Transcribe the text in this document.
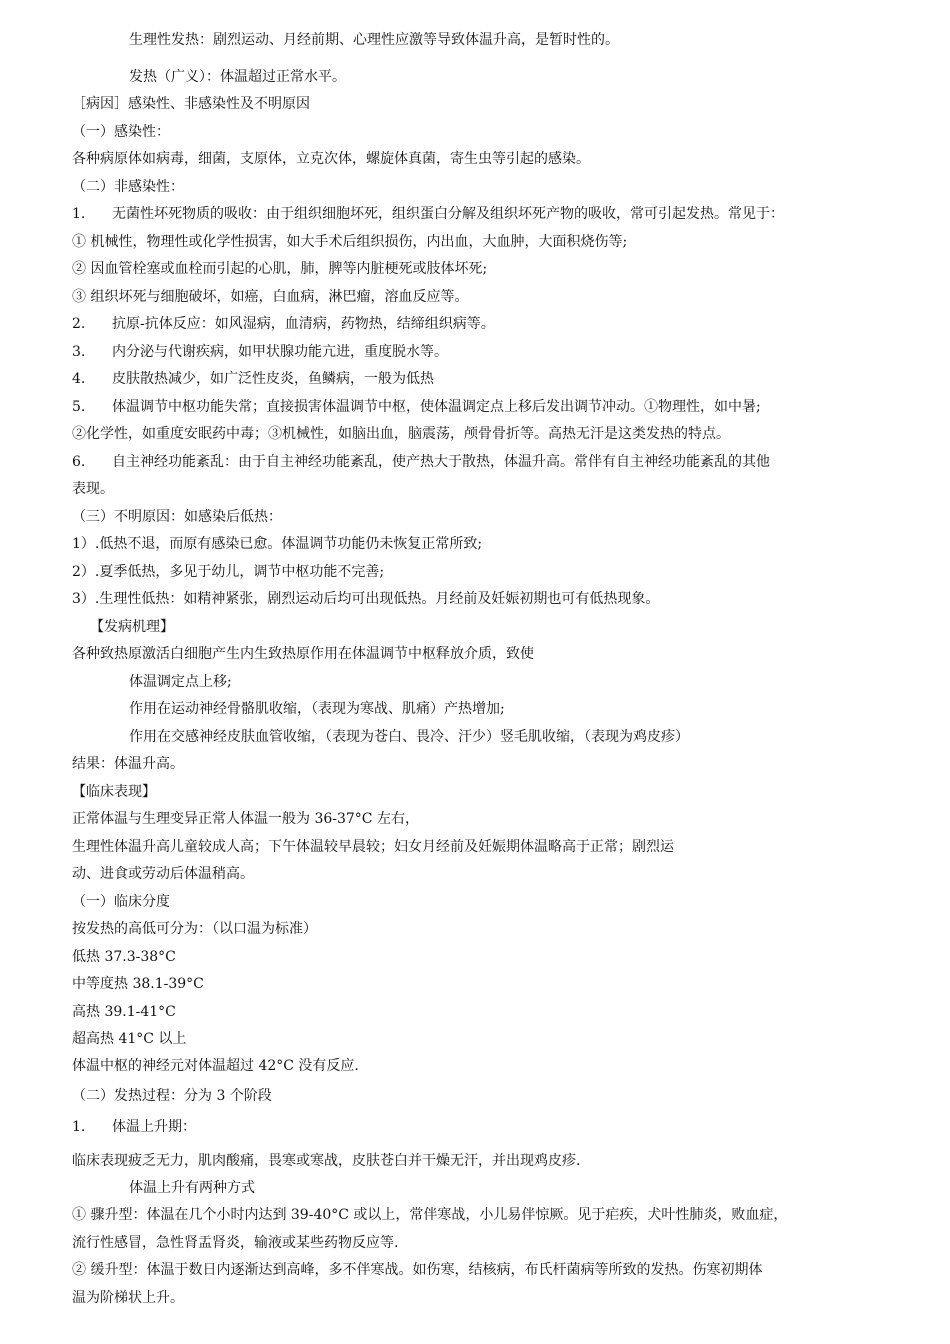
生理性发热：剧烈运动、月经前期、心理性应激等导致体温升高，是暂时性的。
发热（广义）：体温超过正常水平。
［病因］感染性、非感染性及不明原因
（一）感染性：
各种病原体如病毒，细菌，支原体，立克次体，螺旋体真菌，寄生虫等引起的感染。
（二）非感染性：
1. 无菌性坏死物质的吸收：由于组织细胞坏死，组织蛋白分解及组织坏死产物的吸收，常可引起发热。常见于：
① 机械性，物理性或化学性损害，如大手术后组织损伤，内出血，大血肿，大面积烧伤等;
② 因血管栓塞或血栓而引起的心肌，肺，脾等内脏梗死或肢体坏死;
③ 组织坏死与细胞破坏，如癌，白血病，淋巴瘤，溶血反应等。
2. 抗原-抗体反应：如风湿病，血清病，药物热，结缔组织病等。
3. 内分泌与代谢疾病，如甲状腺功能亢进，重度脱水等。
4. 皮肤散热减少，如广泛性皮炎，鱼鳞病，一般为低热
5. 体温调节中枢功能失常；直接损害体温调节中枢，使体温调定点上移后发出调节冲动。①物理性，如中暑;
②化学性，如重度安眠药中毒；③机械性，如脑出血，脑震荡，颅骨骨折等。高热无汗是这类发热的特点。
6. 自主神经功能紊乱：由于自主神经功能紊乱，使产热大于散热，体温升高。常伴有自主神经功能紊乱的其他
表现。
（三）不明原因：如感染后低热：
1）.低热不退，而原有感染已愈。体温调节功能仍未恢复正常所致;
2）.夏季低热，多见于幼儿，调节中枢功能不完善;
3）.生理性低热：如精神紧张，剧烈运动后均可出现低热。月经前及妊娠初期也可有低热现象。
【发病机理】
各种致热原激活白细胞产生内生致热原作用在体温调节中枢释放介质，致使
体温调定点上移;
作用在运动神经骨骼肌收缩，（表现为寒战、肌痛）产热增加;
作用在交感神经皮肤血管收缩，（表现为苍白、畏冷、汗少）竖毛肌收缩，（表现为鸡皮疹）
结果：体温升高。
【临床表现】
正常体温与生理变异正常人体温一般为 36-37°C 左右，
生理性体温升高儿童较成人高；下午体温较早晨较；妇女月经前及妊娠期体温略高于正常；剧烈运
动、进食或劳动后体温稍高。
（一）临床分度
按发热的高低可分为：（以口温为标准）
低热 37.3-38°C
中等度热 38.1-39°C
高热 39.1-41°C
超高热 41°C 以上
体温中枢的神经元对体温超过 42°C 没有反应.
（二）发热过程：分为 3 个阶段
1. 体温上升期：
临床表现疲乏无力，肌肉酸痛，畏寒或寒战，皮肤苍白并干燥无汗，并出现鸡皮疹.
体温上升有两种方式
① 骤升型：体温在几个小时内达到 39-40°C 或以上，常伴寒战，小儿易伴惊厥。见于疟疾，犬叶性肺炎，败血症，
流行性感冒，急性肾盂肾炎，输液或某些药物反应等.
② 缓升型：体温于数日内逐渐达到高峰，多不伴寒战。如伤寒，结核病，布氏杆菌病等所致的发热。伤寒初期体
温为阶梯状上升。
